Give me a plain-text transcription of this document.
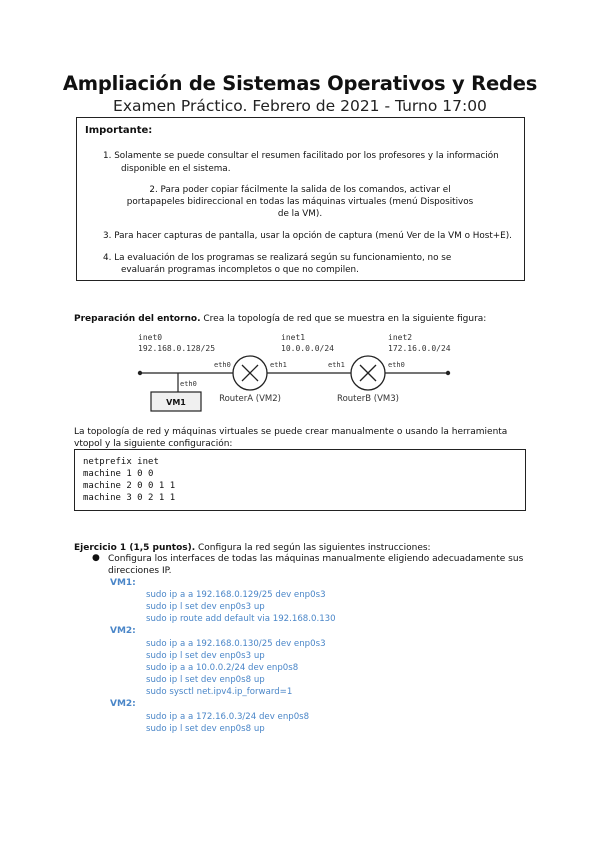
Ampliación de Sistemas Operativos y Redes
Examen Práctico. Febrero de 2021 - Turno 17:00
Importante:
1. Solamente se puede consultar el resumen facilitado por los profesores y la información
disponible en el sistema.
2. Para poder copiar fácilmente la salida de los comandos, activar el
portapapeles bidireccional en todas las máquinas virtuales (menú Dispositivos
de la VM).
3. Para hacer capturas de pantalla, usar la opción de captura (menú Ver de la VM o Host+E).
4. La evaluación de los programas se realizará según su funcionamiento, no se
evaluarán programas incompletos o que no compilen.
Preparación del entorno. Crea la topología de red que se muestra en la siguiente figura:
inet0
192.168.0.128/25
inet1
10.0.0.0/24
inet2
172.16.0.0/24
eth0
VM1
eth0	eth1
RouterA (VM2)
eth1	eth0
RouterB (VM3)
La topología de red y máquinas virtuales se puede crear manualmente o usando la herramienta
vtopol y la siguiente configuración:
netprefix inet
machine 1 0 0
machine 2 0 0 1 1
machine 3 0 2 1 1
Ejercicio 1 (1,5 puntos). Configura la red según las siguientes instrucciones:
● Configura los interfaces de todas las máquinas manualmente eligiendo adecuadamente sus
direcciones IP.
VM1:
sudo ip a a 192.168.0.129/25 dev enp0s3
sudo ip l set dev enp0s3 up
sudo ip route add default via 192.168.0.130
VM2:
sudo ip a a 192.168.0.130/25 dev enp0s3
sudo ip l set dev enp0s3 up
sudo ip a a 10.0.0.2/24 dev enp0s8
sudo ip l set dev enp0s8 up
sudo sysctl net.ipv4.ip_forward=1
VM2:
sudo ip a a 172.16.0.3/24 dev enp0s8
sudo ip l set dev enp0s8 up
